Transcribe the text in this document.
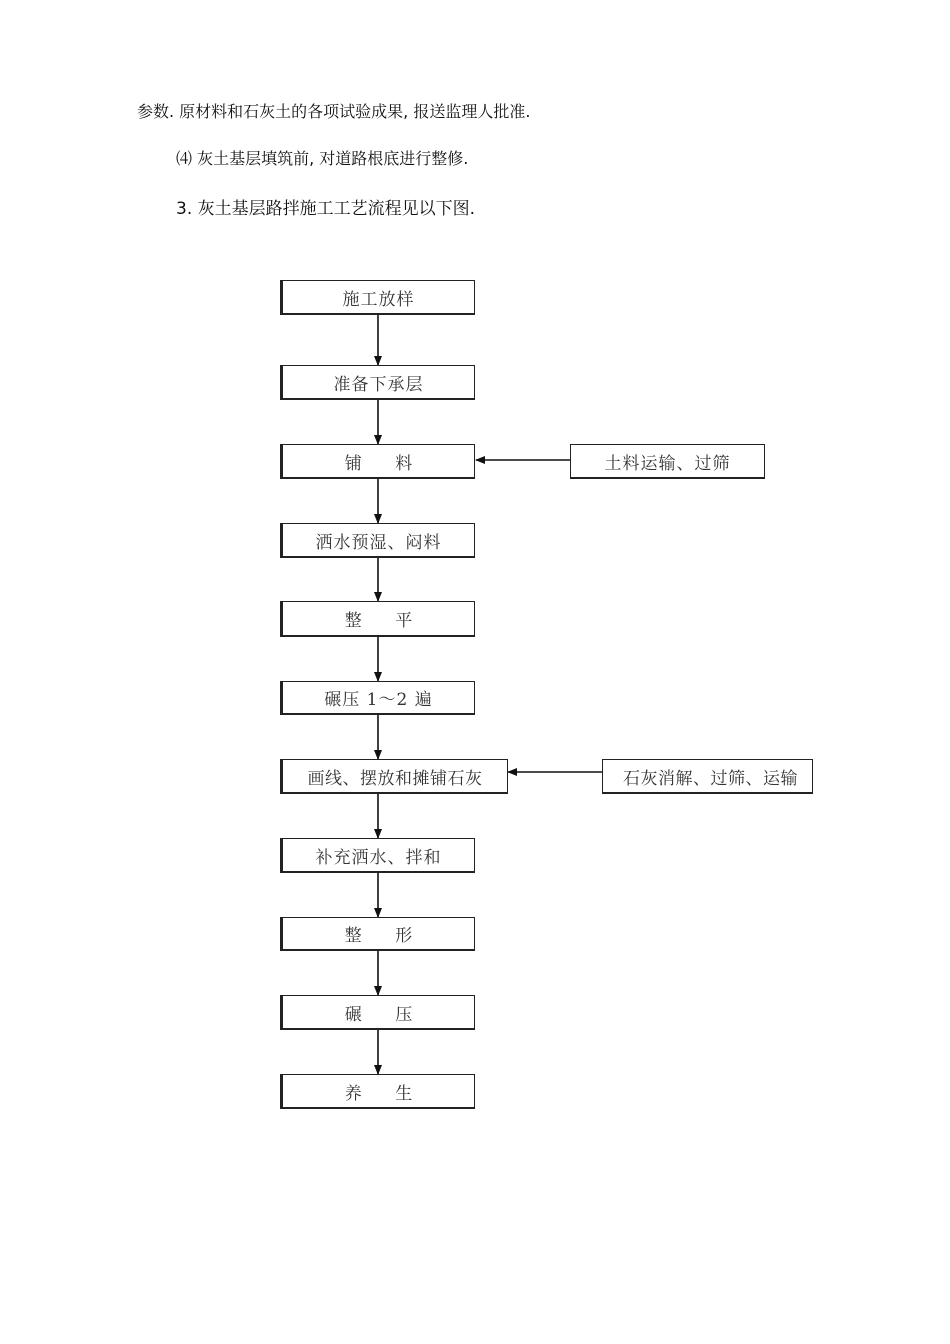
参数. 原材料和石灰土的各项试验成果, 报送监理人批准.

⑷ 灰土基层填筑前, 对道路根底进行整修.

3. 灰土基层路拌施工工艺流程见以下图.

施工放样
准备下承层
铺 料
洒水预湿、闷料
整 平
碾压 1～2 遍
画线、摆放和摊铺石灰
补充洒水、拌和
整 形
碾 压
养 生
土料运输、过筛
石灰消解、过筛、运输
